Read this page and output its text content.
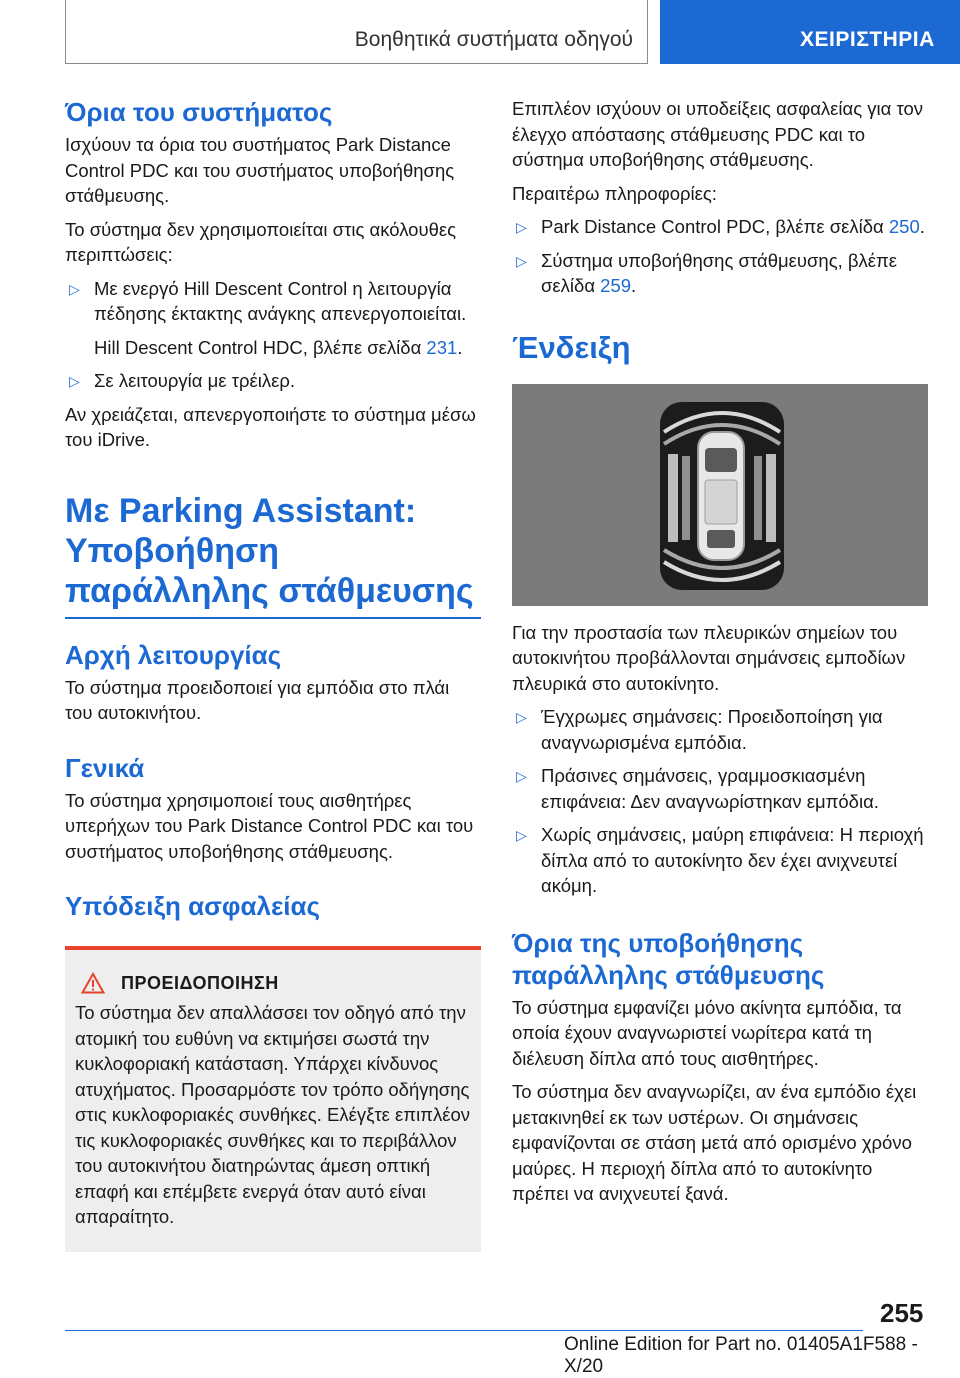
Βοηθητικά συστήματα οδηγού	ΧΕΙΡΙΣΤΗΡΙΑ
Όρια του συστήματος

Ισχύουν τα όρια του συστήματος Park Distance Control PDC και του συστήματος υποβοήθησης στάθμευσης.

Το σύστημα δεν χρησιμοποιείται στις ακόλουθες περιπτώσεις:

▷ Με ενεργό Hill Descent Control η λειτουργία πέδησης έκτακτης ανάγκης απενεργοποιείται.
Hill Descent Control HDC, βλέπε σελίδα 231.
▷ Σε λειτουργία με τρέιλερ.

Αν χρειάζεται, απενεργοποιήστε το σύστημα μέσω του iDrive.

Με Parking Assistant: Υποβοήθηση παράλληλης στάθμευσης
Αρχή λειτουργίας

Το σύστημα προειδοποιεί για εμπόδια στο πλάι του αυτοκινήτου.

Γενικά

Το σύστημα χρησιμοποιεί τους αισθητήρες υπερήχων του Park Distance Control PDC και του συστήματος υποβοήθησης στάθμευσης.

Υπόδειξη ασφαλείας
ΠΡΟΕΙΔΟΠΟΙΗΣΗ

Το σύστημα δεν απαλλάσσει τον οδηγό από την ατομική του ευθύνη να εκτιμήσει σωστά την κυκλοφοριακή κατάσταση. Υπάρχει κίνδυνος ατυχήματος. Προσαρμόστε τον τρόπο οδήγησης στις κυκλοφοριακές συνθήκες. Ελέγξτε επιπλέον τις κυκλοφοριακές συνθήκες και το περιβάλλον του αυτοκινήτου διατηρώντας άμεση οπτική επαφή και επέμβετε ενεργά όταν αυτό είναι απαραίτητο.

Επιπλέον ισχύουν οι υποδείξεις ασφαλείας για τον έλεγχο απόστασης στάθμευσης PDC και το σύστημα υποβοήθησης στάθμευσης.

Περαιτέρω πληροφορίες:

▷ Park Distance Control PDC, βλέπε σελίδα 250.
▷ Σύστημα υποβοήθησης στάθμευσης, βλέπε σελίδα 259.
Ένδειξη

Για την προστασία των πλευρικών σημείων του αυτοκινήτου προβάλλονται σημάνσεις εμποδίων πλευρικά στο αυτοκίνητο.

▷ Έγχρωμες σημάνσεις: Προειδοποίηση για αναγνωρισμένα εμπόδια.
▷ Πράσινες σημάνσεις, γραμμοσκιασμένη επιφάνεια: Δεν αναγνωρίστηκαν εμπόδια.
▷ Χωρίς σημάνσεις, μαύρη επιφάνεια: Η περιοχή δίπλα από το αυτοκίνητο δεν έχει ανιχνευτεί ακόμη.
Όρια της υποβοήθησης παράλληλης στάθμευσης

Το σύστημα εμφανίζει μόνο ακίνητα εμπόδια, τα οποία έχουν αναγνωριστεί νωρίτερα κατά τη διέλευση δίπλα από τους αισθητήρες.

Το σύστημα δεν αναγνωρίζει, αν ένα εμπόδιο έχει μετακινηθεί εκ των υστέρων. Οι σημάνσεις εμφανίζονται σε στάση μετά από ορισμένο χρόνο μαύρες. Η περιοχή δίπλα από το αυτοκίνητο πρέπει να ανιχνευτεί ξανά.

255
Online Edition for Part no. 01405A1F588 - X/20
